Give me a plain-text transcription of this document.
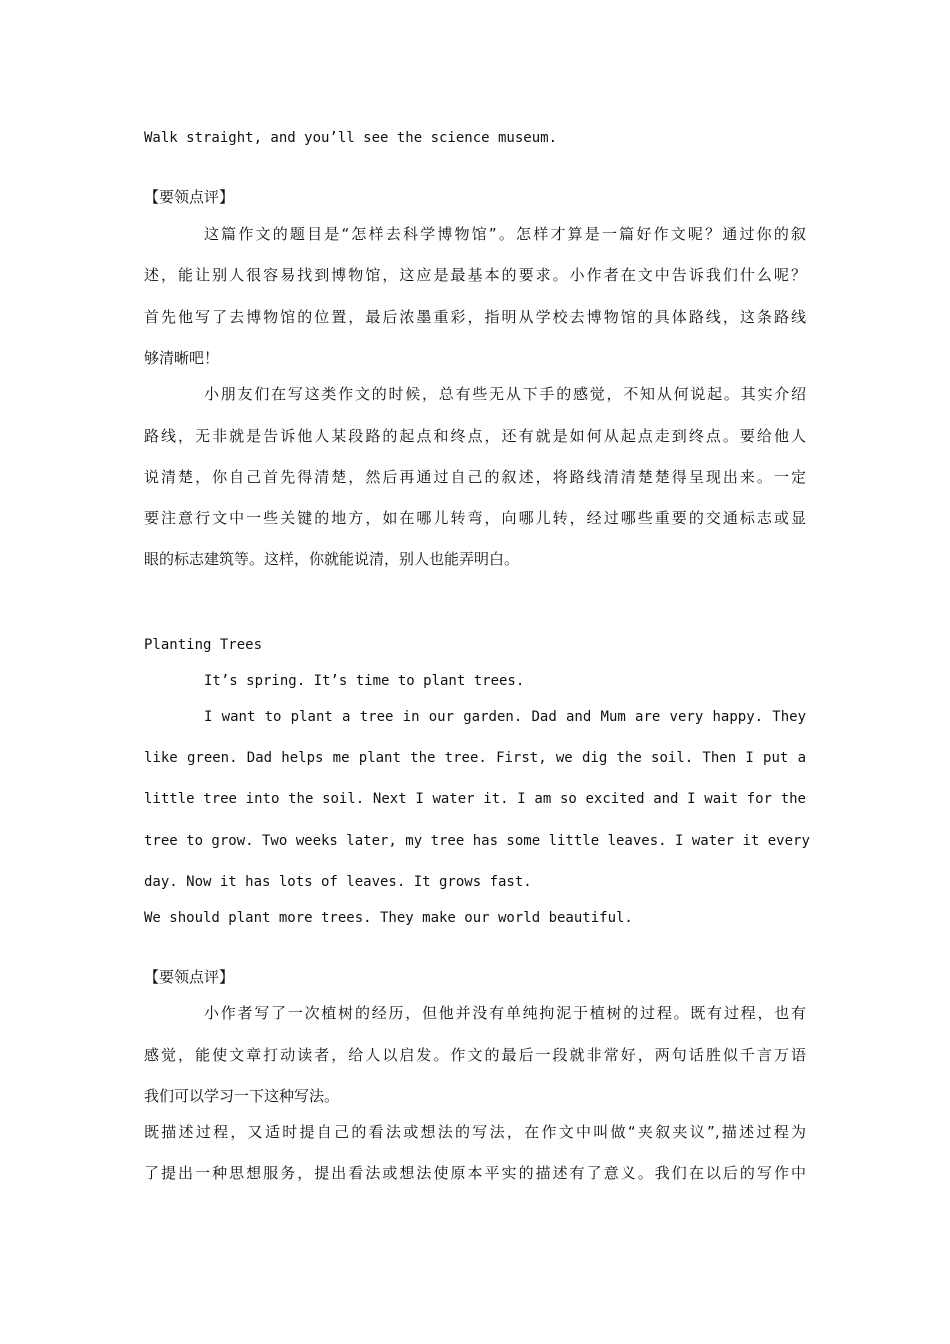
Walk straight, and you’ll see the science museum.
【要领点评】
这篇作文的题目是“怎样去科学博物馆”。怎样才算是一篇好作文呢？通过你的叙
述，能让别人很容易找到博物馆，这应是最基本的要求。小作者在文中告诉我们什么呢？
首先他写了去博物馆的位置，最后浓墨重彩，指明从学校去博物馆的具体路线，这条路线
够清晰吧！
小朋友们在写这类作文的时候，总有些无从下手的感觉，不知从何说起。其实介绍
路线，无非就是告诉他人某段路的起点和终点，还有就是如何从起点走到终点。要给他人
说清楚，你自己首先得清楚，然后再通过自己的叙述，将路线清清楚楚得呈现出来。一定
要注意行文中一些关键的地方，如在哪儿转弯，向哪儿转，经过哪些重要的交通标志或显
眼的标志建筑等。这样，你就能说清，别人也能弄明白。
Planting Trees
It’s spring. It’s time to plant trees.
I want to plant a tree in our garden. Dad and Mum are very happy. They
like green. Dad helps me plant the tree. First, we dig the soil. Then I put a
little tree into the soil. Next I water it. I am so excited and I wait for the
tree to grow. Two weeks later, my tree has some little leaves. I water it every
day. Now it has lots of leaves. It grows fast.
We should plant more trees. They make our world beautiful.
【要领点评】
小作者写了一次植树的经历，但他并没有单纯拘泥于植树的过程。既有过程，也有
感觉，能使文章打动读者，给人以启发。作文的最后一段就非常好，两句话胜似千言万语
我们可以学习一下这种写法。
既描述过程，又适时提自己的看法或想法的写法，在作文中叫做“夹叙夹议”,描述过程为
了提出一种思想服务，提出看法或想法使原本平实的描述有了意义。我们在以后的写作中
